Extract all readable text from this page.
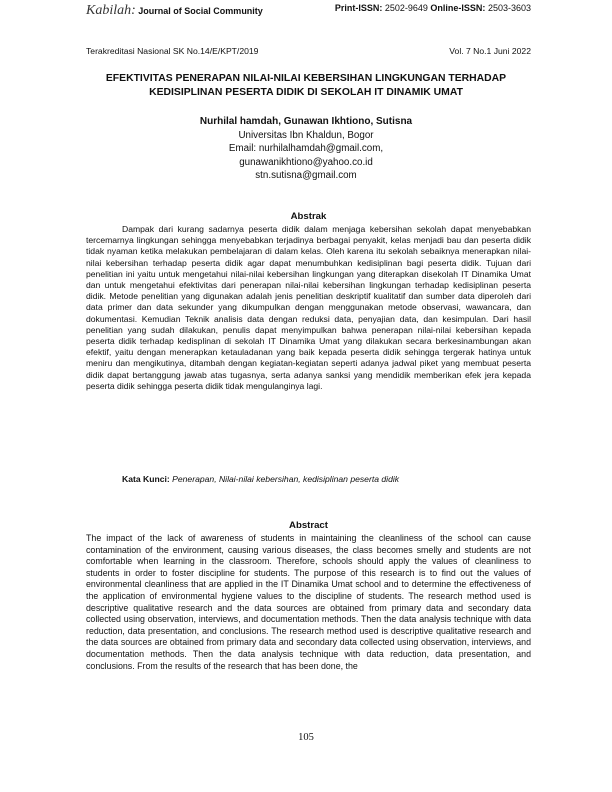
Kabilah: Journal of Social Community	Print-ISSN: 2502-9649 Online-ISSN: 2503-3603
Terakreditasi Nasional SK No.14/E/KPT/2019	Vol. 7 No.1 Juni 2022
EFEKTIVITAS PENERAPAN NILAI-NILAI KEBERSIHAN LINGKUNGAN TERHADAP
KEDISIPLINAN PESERTA DIDIK DI SEKOLAH IT DINAMIK UMAT
Nurhilal hamdah, Gunawan Ikhtiono, Sutisna
Universitas Ibn Khaldun, Bogor
Email: nurhilalhamdah@gmail.com,
gunawanikhtiono@yahoo.co.id
stn.sutisna@gmail.com
Abstrak

Dampak dari kurang sadarnya peserta didik dalam menjaga kebersihan sekolah dapat menyebabkan tercemarnya lingkungan sehingga menyebabkan terjadinya berbagai penyakit, kelas menjadi bau dan peserta didik tidak nyaman ketika melakukan pembelajaran di dalam kelas. Oleh karena itu sekolah sebaiknya menerapkan nilai-nilai kebersihan terhadap peserta didik agar dapat menumbuhkan kedisiplinan bagi peserta didik. Tujuan dari penelitian ini yaitu untuk mengetahui nilai-nilai kebersihan lingkungan yang diterapkan disekolah IT Dinamika Umat dan untuk mengetahui efektivitas dari penerapan nilai-nilai kebersihan lingkungan terhadap kedisiplinan peserta didik. Metode penelitian yang digunakan adalah jenis penelitian deskriptif kualitatif dan sumber data diperoleh dari data primer dan data sekunder yang dikumpulkan dengan menggunakan metode observasi, wawancara, dan dokumentasi. Kemudian Teknik analisis data dengan reduksi data, penyajian data, dan kesimpulan. Dari hasil penelitian yang sudah dilakukan, penulis dapat menyimpulkan bahwa penerapan nilai-nilai kebersihan kepada peserta didik terhadap kedisplinan di sekolah IT Dinamika Umat yang dilakukan secara berkesinambungan akan efektif, yaitu dengan menerapkan ketauladanan yang baik kepada peserta didik sehingga tergerak hatinya untuk meniru dan mengikutinya, ditambah dengan kegiatan-kegiatan seperti adanya jadwal piket yang membuat peserta didik dapat bertanggung jawab atas tugasnya, serta adanya sanksi yang mendidik memberikan efek jera kepada peserta didik sehingga peserta didik tidak mengulanginya lagi.

Kata Kunci: Penerapan, Nilai-nilai kebersihan, kedisiplinan peserta didik
Abstract

The impact of the lack of awareness of students in maintaining the cleanliness of the school can cause contamination of the environment, causing various diseases, the class becomes smelly and students are not comfortable when learning in the classroom. Therefore, schools should apply the values of cleanliness to students in order to foster discipline for students. The purpose of this research is to find out the values of environmental cleanliness that are applied in the IT Dinamika Umat school and to determine the effectiveness of the application of environmental hygiene values to the discipline of students. The research method used is descriptive qualitative research and the data sources are obtained from primary data and secondary data collected using observation, interviews, and documentation methods. Then the data analysis technique with data reduction, data presentation, and conclusions. The research method used is descriptive qualitative research and the data sources are obtained from primary data and secondary data collected using observation, interviews, and documentation methods. Then the data analysis technique with data reduction, data presentation, and conclusions. From the results of the research that has been done, the

105
